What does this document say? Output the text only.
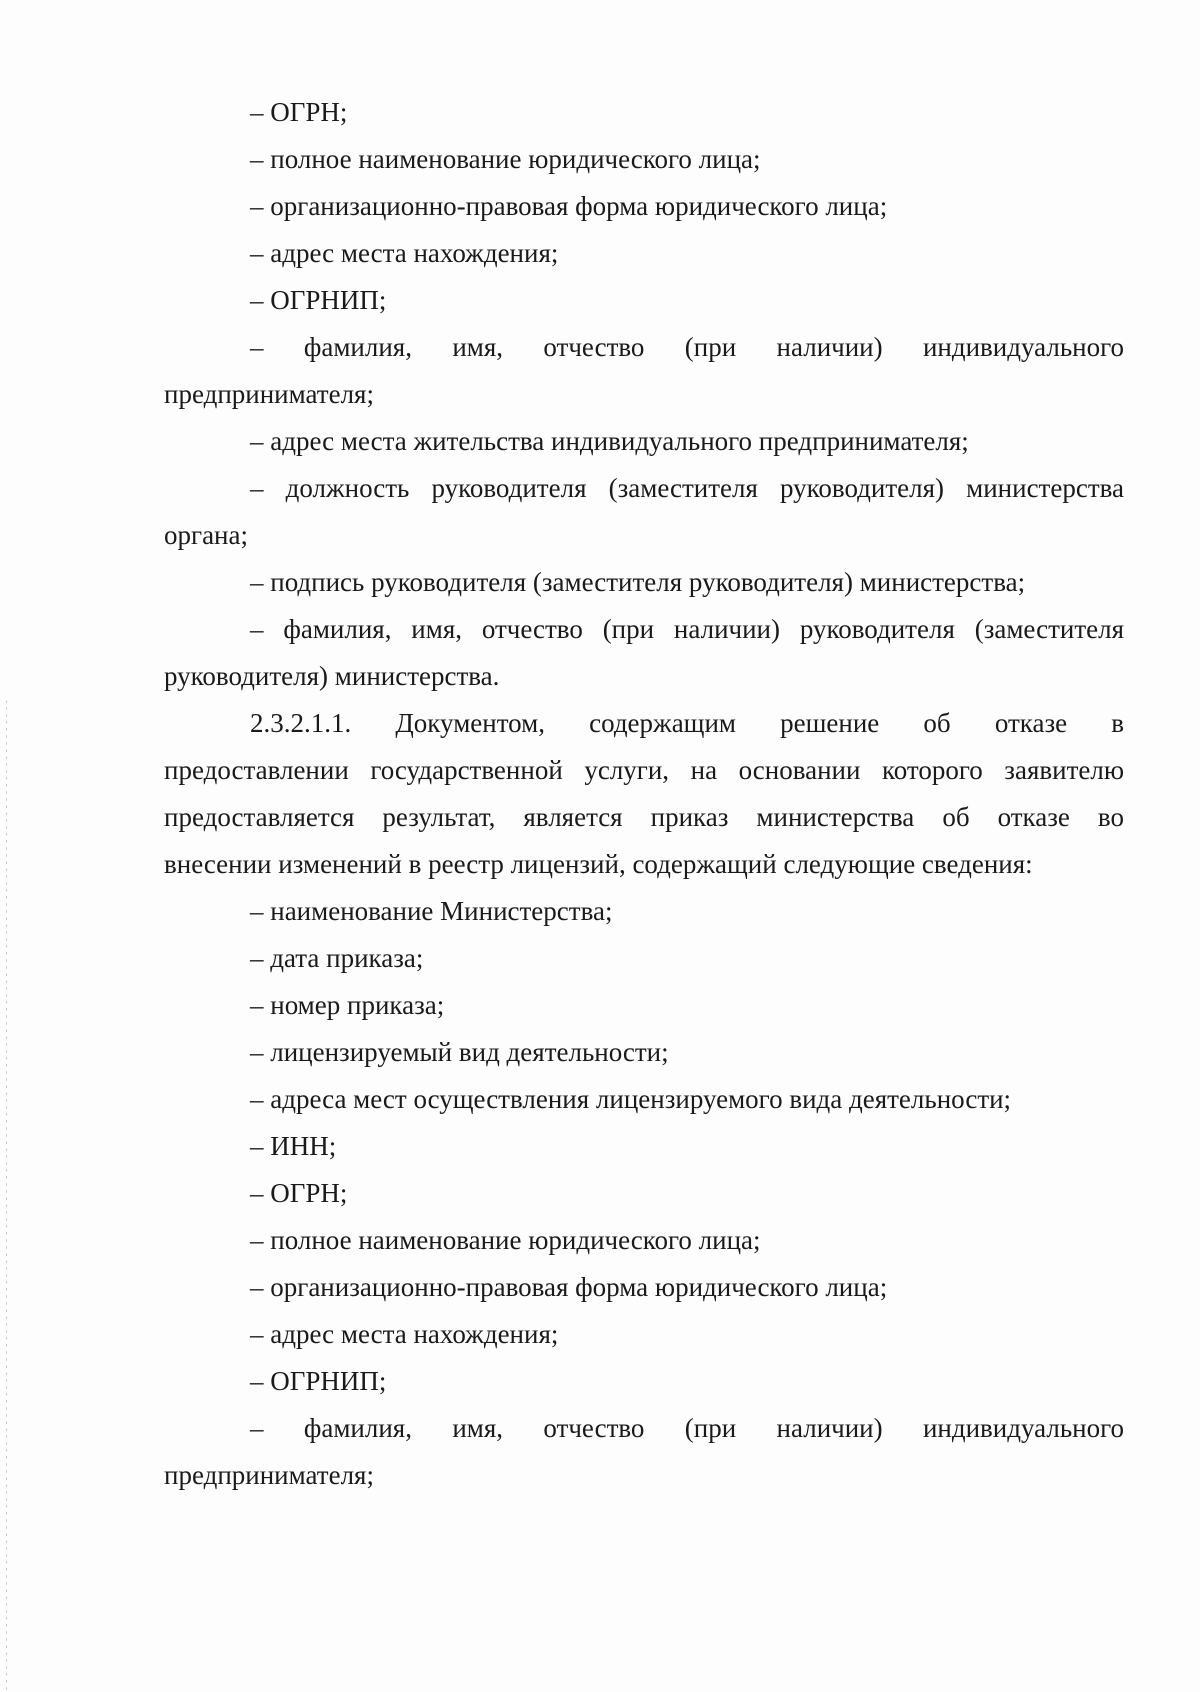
– ОГРН;
– полное наименование юридического лица;
– организационно-правовая форма юридического лица;
– адрес места нахождения;
– ОГРНИП;
– фамилия, имя, отчество (при наличии) индивидуального
предпринимателя;
– адрес места жительства индивидуального предпринимателя;
– должность руководителя (заместителя руководителя) министерства
органа;
– подпись руководителя (заместителя руководителя) министерства;
– фамилия, имя, отчество (при наличии) руководителя (заместителя
руководителя) министерства.
2.3.2.1.1. Документом, содержащим решение об отказе в
предоставлении государственной услуги, на основании которого заявителю
предоставляется результат, является приказ министерства об отказе во
внесении изменений в реестр лицензий, содержащий следующие сведения:
– наименование Министерства;
– дата приказа;
– номер приказа;
– лицензируемый вид деятельности;
– адреса мест осуществления лицензируемого вида деятельности;
– ИНН;
– ОГРН;
– полное наименование юридического лица;
– организационно-правовая форма юридического лица;
– адрес места нахождения;
– ОГРНИП;
– фамилия, имя, отчество (при наличии) индивидуального
предпринимателя;
